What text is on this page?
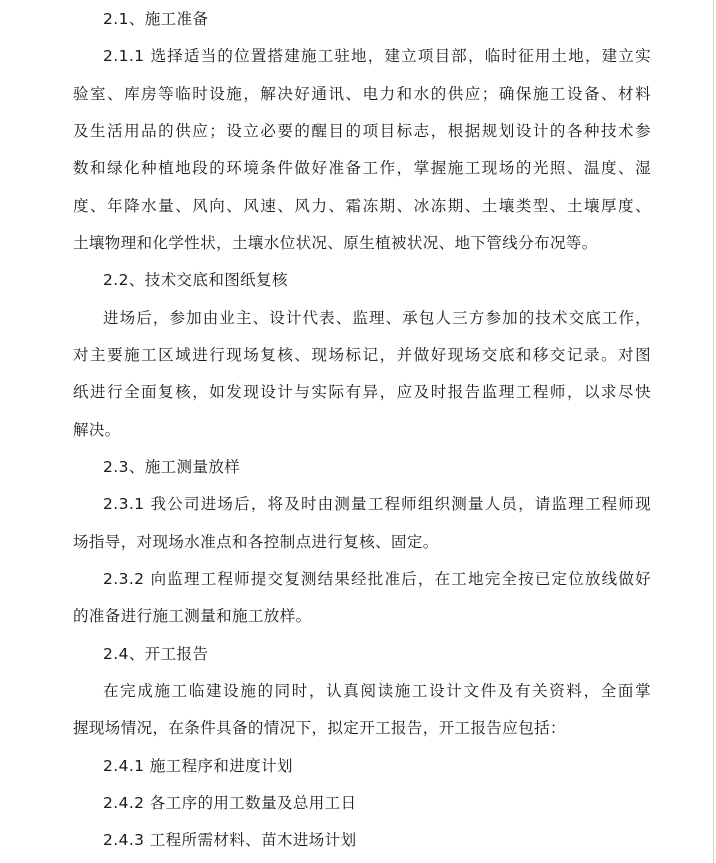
2.1、施工准备
2.1.1 选择适当的位置搭建施工驻地，建立项目部，临时征用土地，建立实
验室、库房等临时设施，解决好通讯、电力和水的供应；确保施工设备、材料
及生活用品的供应；设立必要的醒目的项目标志，根据规划设计的各种技术参
数和绿化种植地段的环境条件做好准备工作，掌握施工现场的光照、温度、湿
度、年降水量、风向、风速、风力、霜冻期、冰冻期、土壤类型、土壤厚度、
土壤物理和化学性状，土壤水位状况、原生植被状况、地下管线分布况等。
2.2、技术交底和图纸复核
进场后，参加由业主、设计代表、监理、承包人三方参加的技术交底工作，
对主要施工区域进行现场复核、现场标记，并做好现场交底和移交记录。对图
纸进行全面复核，如发现设计与实际有异，应及时报告监理工程师，以求尽快
解决。
2.3、施工测量放样
2.3.1 我公司进场后，将及时由测量工程师组织测量人员，请监理工程师现
场指导，对现场水准点和各控制点进行复核、固定。
2.3.2 向监理工程师提交复测结果经批准后，在工地完全按已定位放线做好
的准备进行施工测量和施工放样。
2.4、开工报告
在完成施工临建设施的同时，认真阅读施工设计文件及有关资料，全面掌
握现场情况，在条件具备的情况下，拟定开工报告，开工报告应包括：
2.4.1 施工程序和进度计划
2.4.2 各工序的用工数量及总用工日
2.4.3 工程所需材料、苗木进场计划
